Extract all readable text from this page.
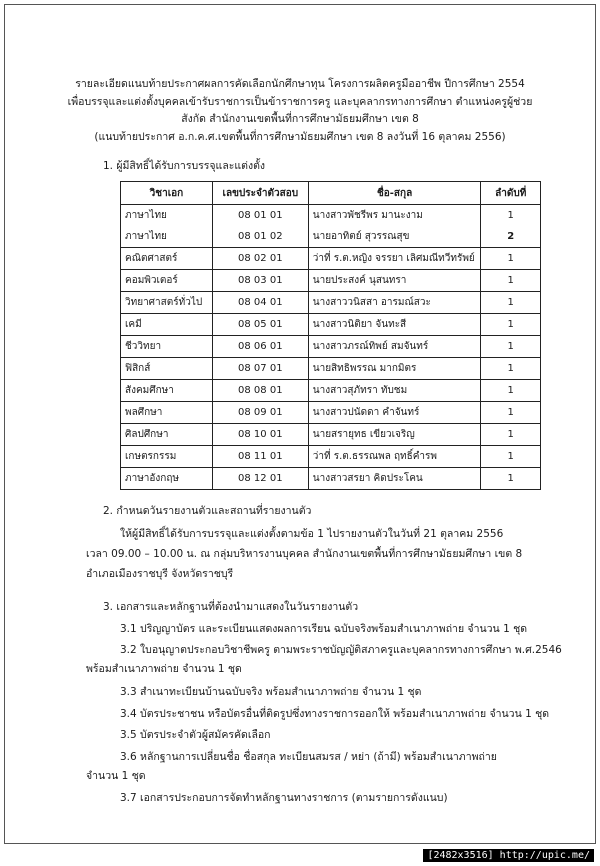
รายละเอียดแนบท้ายประกาศผลการคัดเลือกนักศึกษาทุน โครงการผลิตครูมืออาชีพ ปีการศึกษา 2554
เพื่อบรรจุและแต่งตั้งบุคคลเข้ารับราชการเป็นข้าราชการครู และบุคลากรทางการศึกษา ตำแหน่งครูผู้ช่วย
สังกัด สำนักงานเขตพื้นที่การศึกษามัธยมศึกษา เขต 8
(แนบท้ายประกาศ อ.ก.ค.ศ.เขตพื้นที่การศึกษามัธยมศึกษา เขต 8 ลงวันที่ 16 ตุลาคม 2556)
1. ผู้มีสิทธิ์ได้รับการบรรจุและแต่งตั้ง
วิชาเอก	เลขประจำตัวสอบ	ชื่อ-สกุล	ลำดับที่
ภาษาไทย	08 01 01	นางสาวพัชรีพร มานะงาม	1
ภาษาไทย	08 01 02	นายอาทิตย์ สุวรรณสุข	2
คณิตศาสตร์	08 02 01	ว่าที่ ร.ต.หญิง จรรยา เลิศมณีทวีทรัพย์	1
คอมพิวเตอร์	08 03 01	นายประสงค์ นุสนทรา	1
วิทยาศาสตร์ทั่วไป	08 04 01	นางสาววนิสสา อารมณ์สวะ	1
เคมี	08 05 01	นางสาวนิติยา จันทะสี	1
ชีววิทยา	08 06 01	นางสาวภรณ์ทิพย์ สมจันทร์	1
ฟิสิกส์	08 07 01	นายสิทธิพรรณ มากมิตร	1
สังคมศึกษา	08 08 01	นางสาวสุภัทรา ทับชม	1
พลศึกษา	08 09 01	นางสาวปนัดดา คำจันทร์	1
ศิลปศึกษา	08 10 01	นายสรายุทธ เขียวเจริญ	1
เกษตรกรรม	08 11 01	ว่าที่ ร.ต.ธรรณพล ฤทธิ์คำรพ	1
ภาษาอังกฤษ	08 12 01	นางสาวสรยา คิดประโคน	1
2. กำหนดวันรายงานตัวและสถานที่รายงานตัว
ให้ผู้มีสิทธิ์ได้รับการบรรจุและแต่งตั้งตามข้อ 1 ไปรายงานตัวในวันที่ 21 ตุลาคม 2556
เวลา 09.00 – 10.00 น. ณ กลุ่มบริหารงานบุคคล สำนักงานเขตพื้นที่การศึกษามัธยมศึกษา เขต 8
อำเภอเมืองราชบุรี จังหวัดราชบุรี
3. เอกสารและหลักฐานที่ต้องนำมาแสดงในวันรายงานตัว
3.1 ปริญญาบัตร และระเบียนแสดงผลการเรียน ฉบับจริงพร้อมสำเนาภาพถ่าย จำนวน 1 ชุด
3.2 ใบอนุญาตประกอบวิชาชีพครู ตามพระราชบัญญัติสภาครูและบุคลากรทางการศึกษา พ.ศ.2546
พร้อมสำเนาภาพถ่าย จำนวน 1 ชุด
3.3 สำเนาทะเบียนบ้านฉบับจริง พร้อมสำเนาภาพถ่าย จำนวน 1 ชุด
3.4 บัตรประชาชน หรือบัตรอื่นที่ติดรูปซึ่งทางราชการออกให้ พร้อมสำเนาภาพถ่าย จำนวน 1 ชุด
3.5 บัตรประจำตัวผู้สมัครคัดเลือก
3.6 หลักฐานการเปลี่ยนชื่อ ชื่อสกุล ทะเบียนสมรส / หย่า (ถ้ามี) พร้อมสำเนาภาพถ่าย
จำนวน 1 ชุด
3.7 เอกสารประกอบการจัดทำหลักฐานทางราชการ (ตามรายการดังแนบ)
[2482x3516] http://upic.me/
